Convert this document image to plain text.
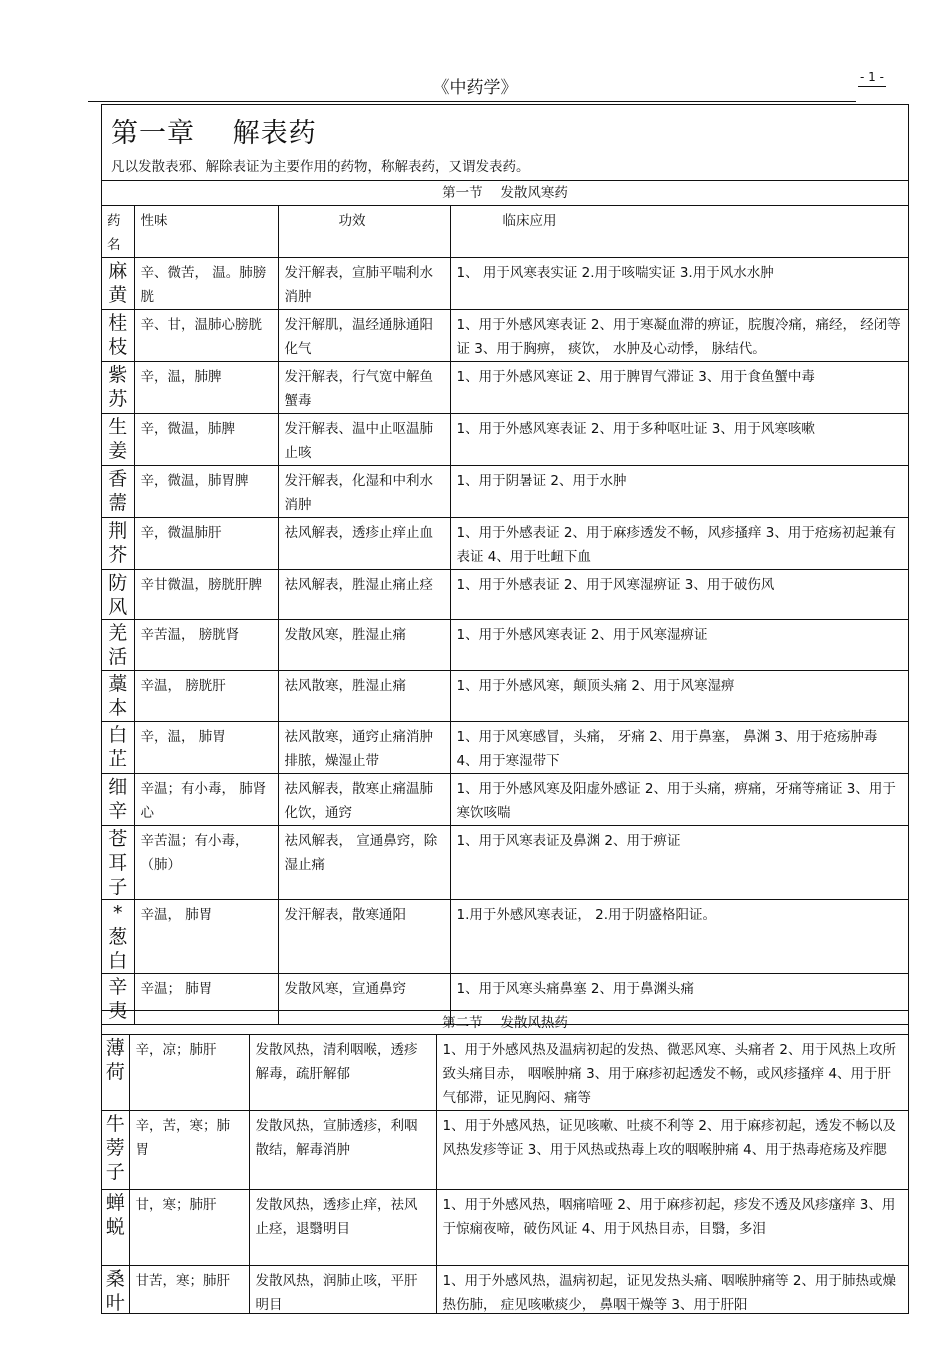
《中药学》
- 1 -
第一章　 解表药
凡以发散表邪、解除表证为主要作用的药物，称解表药，又谓发表药。
第一节　 发散风寒药
药名	性味	功效	临床应用
麻黄	辛、微苦， 温。肺膀胱	发汗解表，宣肺平喘利水消肿	1、 用于风寒表实证 2.用于咳喘实证 3.用于风水水肿
桂枝	辛、甘，温肺心膀胱	发汗解肌，温经通脉通阳化气	1、用于外感风寒表证 2、用于寒凝血滞的痹证，脘腹冷痛，痛经， 经闭等证 3、用于胸痹， 痰饮， 水肿及心动悸， 脉结代。
紫苏	辛，温，肺脾	发汗解表，行气宽中解鱼蟹毒	1、用于外感风寒证 2、用于脾胃气滞证 3、用于食鱼蟹中毒
生姜	辛，微温，肺脾	发汗解表、温中止呕温肺止咳	1、用于外感风寒表证 2、用于多种呕吐证 3、用于风寒咳嗽
香薷	辛，微温，肺胃脾	发汗解表，化湿和中利水消肿	1、用于阴暑证 2、用于水肿
荆芥	辛，微温肺肝	祛风解表，透疹止痒止血	1、用于外感表证 2、用于麻疹透发不畅，风疹搔痒 3、用于疮疡初起兼有表证 4、用于吐衄下血
防风	辛甘微温，膀胱肝脾	祛风解表，胜湿止痛止痉	1、用于外感表证 2、用于风寒湿痹证 3、用于破伤风
羌活	辛苦温， 膀胱肾	发散风寒，胜湿止痛	1、用于外感风寒表证 2、用于风寒湿痹证
藁本	辛温， 膀胱肝	祛风散寒，胜湿止痛	1、用于外感风寒，颠顶头痛 2、用于风寒湿痹
白芷	辛，温， 肺胃	祛风散寒，通窍止痛消肿排脓，燥湿止带	1、用于风寒感冒，头痛， 牙痛 2、用于鼻塞， 鼻渊 3、用于疮疡肿毒 4、用于寒湿带下
细辛	辛温；有小毒， 肺肾心	祛风解表，散寒止痛温肺化饮，通窍	1、用于外感风寒及阳虚外感证 2、用于头痛，痹痛，牙痛等痛证 3、用于寒饮咳喘
苍耳子	辛苦温；有小毒，（肺）	祛风解表， 宣通鼻窍，除湿止痛	1、用于风寒表证及鼻渊 2、用于痹证
*葱白	辛温， 肺胃	发汗解表，散寒通阳	1.用于外感风寒表证， 2.用于阴盛格阳证。
辛夷	辛温； 肺胃	发散风寒，宣通鼻窍	1、用于风寒头痛鼻塞 2、用于鼻渊头痛
第二节　 发散风热药
薄荷	辛，凉；肺肝	发散风热，清利咽喉，透疹解毒，疏肝解郁	1、用于外感风热及温病初起的发热、微恶风寒、头痛者 2、用于风热上攻所致头痛目赤， 咽喉肿痛 3、用于麻疹初起透发不畅，或风疹搔痒 4、用于肝气郁滞，证见胸闷、痛等
牛蒡子	辛，苦，寒；肺胃	发散风热，宣肺透疹，利咽散结，解毒消肿	1、用于外感风热，证见咳嗽、吐痰不利等 2、用于麻疹初起，透发不畅以及风热发疹等证 3、用于风热或热毒上攻的咽喉肿痛 4、用于热毒疮疡及痄腮
蝉蜕	甘，寒；肺肝	发散风热，透疹止痒，祛风止痉，退翳明目	1、用于外感风热，咽痛喑哑 2、用于麻疹初起，疹发不透及风疹瘙痒 3、用于惊痫夜啼，破伤风证 4、用于风热目赤，目翳，多泪
桑叶	甘苦，寒；肺肝	发散风热，润肺止咳，平肝明目	1、用于外感风热，温病初起，证见发热头痛、咽喉肿痛等 2、用于肺热或燥热伤肺， 症见咳嗽痰少， 鼻咽干燥等 3、用于肝阳
